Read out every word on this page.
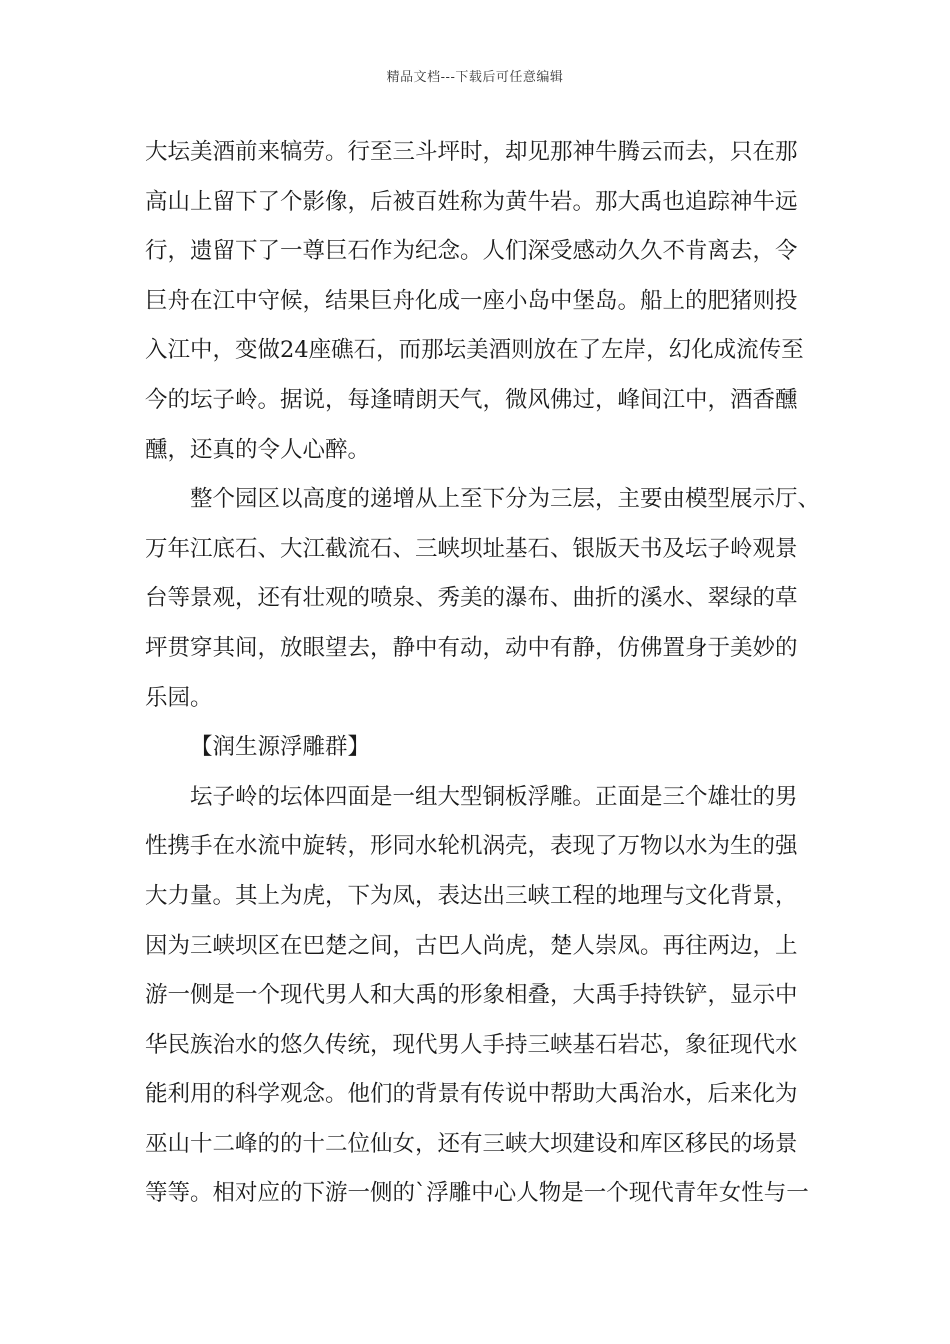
精品文档---下载后可任意编辑
大坛美酒前来犒劳。行至三斗坪时，却见那神牛腾云而去，只在那
高山上留下了个影像，后被百姓称为黄牛岩。那大禹也追踪神牛远
行，遗留下了一尊巨石作为纪念。人们深受感动久久不肯离去，令
巨舟在江中守候，结果巨舟化成一座小岛中堡岛。船上的肥猪则投
入江中，变做24座礁石，而那坛美酒则放在了左岸，幻化成流传至
今的坛子岭。据说，每逢晴朗天气，微风佛过，峰间江中，酒香醺
醺，还真的令人心醉。
整个园区以高度的递增从上至下分为三层，主要由模型展示厅、
万年江底石、大江截流石、三峡坝址基石、银版天书及坛子岭观景
台等景观，还有壮观的喷泉、秀美的瀑布、曲折的溪水、翠绿的草
坪贯穿其间，放眼望去，静中有动，动中有静，仿佛置身于美妙的
乐园。
【润生源浮雕群】
坛子岭的坛体四面是一组大型铜板浮雕。正面是三个雄壮的男
性携手在水流中旋转，形同水轮机涡壳，表现了万物以水为生的强
大力量。其上为虎，下为凤，表达出三峡工程的地理与文化背景，
因为三峡坝区在巴楚之间，古巴人尚虎，楚人崇凤。再往两边，上
游一侧是一个现代男人和大禹的形象相叠，大禹手持铁铲，显示中
华民族治水的悠久传统，现代男人手持三峡基石岩芯，象征现代水
能利用的科学观念。他们的背景有传说中帮助大禹治水，后来化为
巫山十二峰的的十二位仙女，还有三峡大坝建设和库区移民的场景
等等。相对应的下游一侧的`浮雕中心人物是一个现代青年女性与一
